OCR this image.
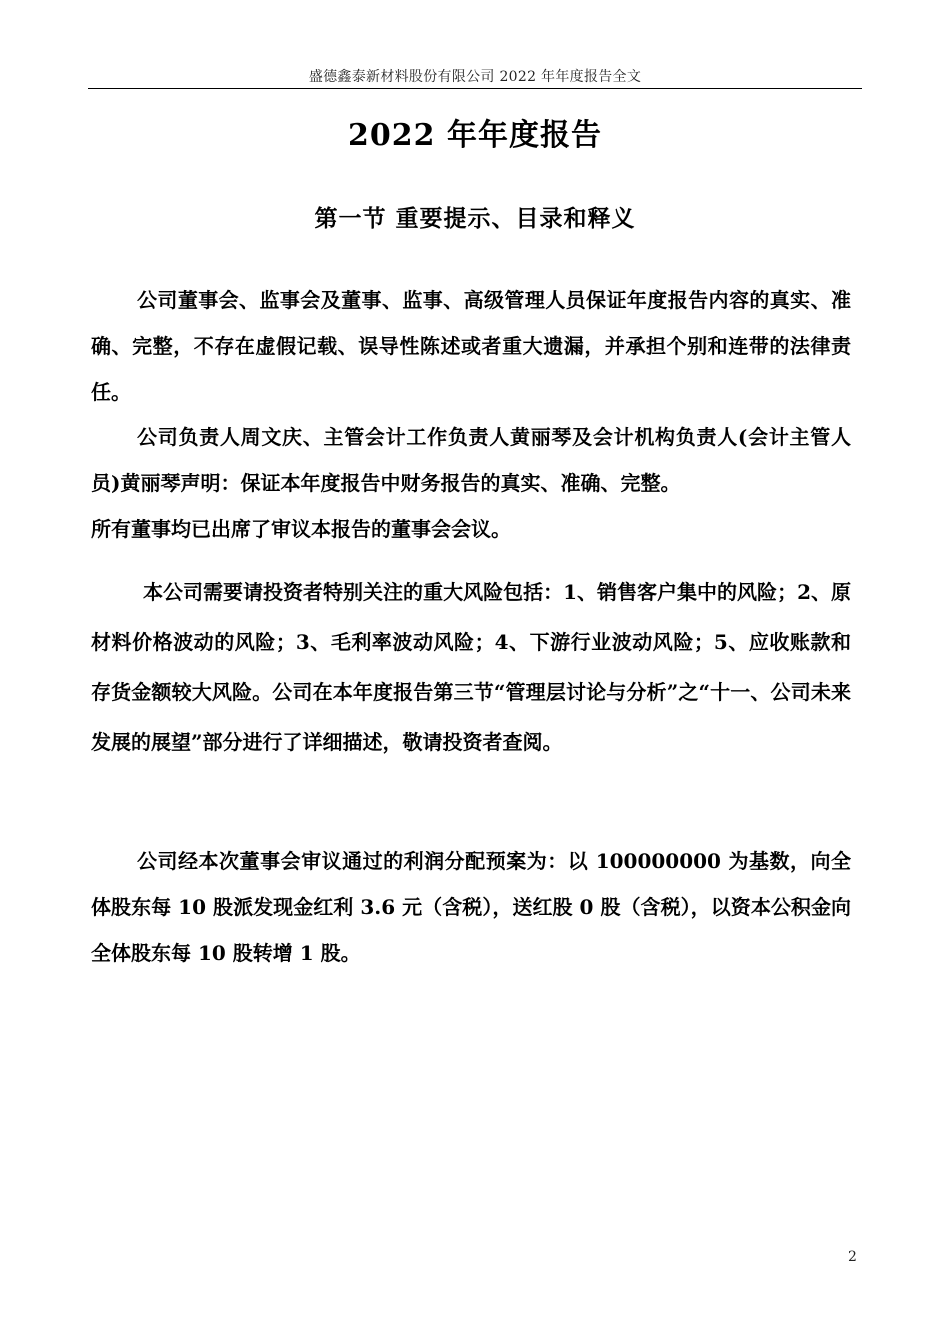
盛德鑫泰新材料股份有限公司 2022 年年度报告全文
2022 年年度报告
第一节 重要提示、目录和释义

公司董事会、监事会及董事、监事、高级管理人员保证年度报告内容的真实、准确、完整，不存在虚假记载、误导性陈述或者重大遗漏，并承担个别和连带的法律责任。

公司负责人周文庆、主管会计工作负责人黄丽琴及会计机构负责人(会计主管人员)黄丽琴声明：保证本年度报告中财务报告的真实、准确、完整。
所有董事均已出席了审议本报告的董事会会议。

本公司需要请投资者特别关注的重大风险包括：1、销售客户集中的风险；2、原材料价格波动的风险；3、毛利率波动风险；4、下游行业波动风险；5、应收账款和存货金额较大风险。公司在本年度报告第三节“管理层讨论与分析”之“十一、公司未来发展的展望”部分进行了详细描述，敬请投资者查阅。

公司经本次董事会审议通过的利润分配预案为：以 100000000 为基数，向全体股东每 10 股派发现金红利 3.6 元（含税），送红股 0 股（含税），以资本公积金向全体股东每 10 股转增 1 股。

2
